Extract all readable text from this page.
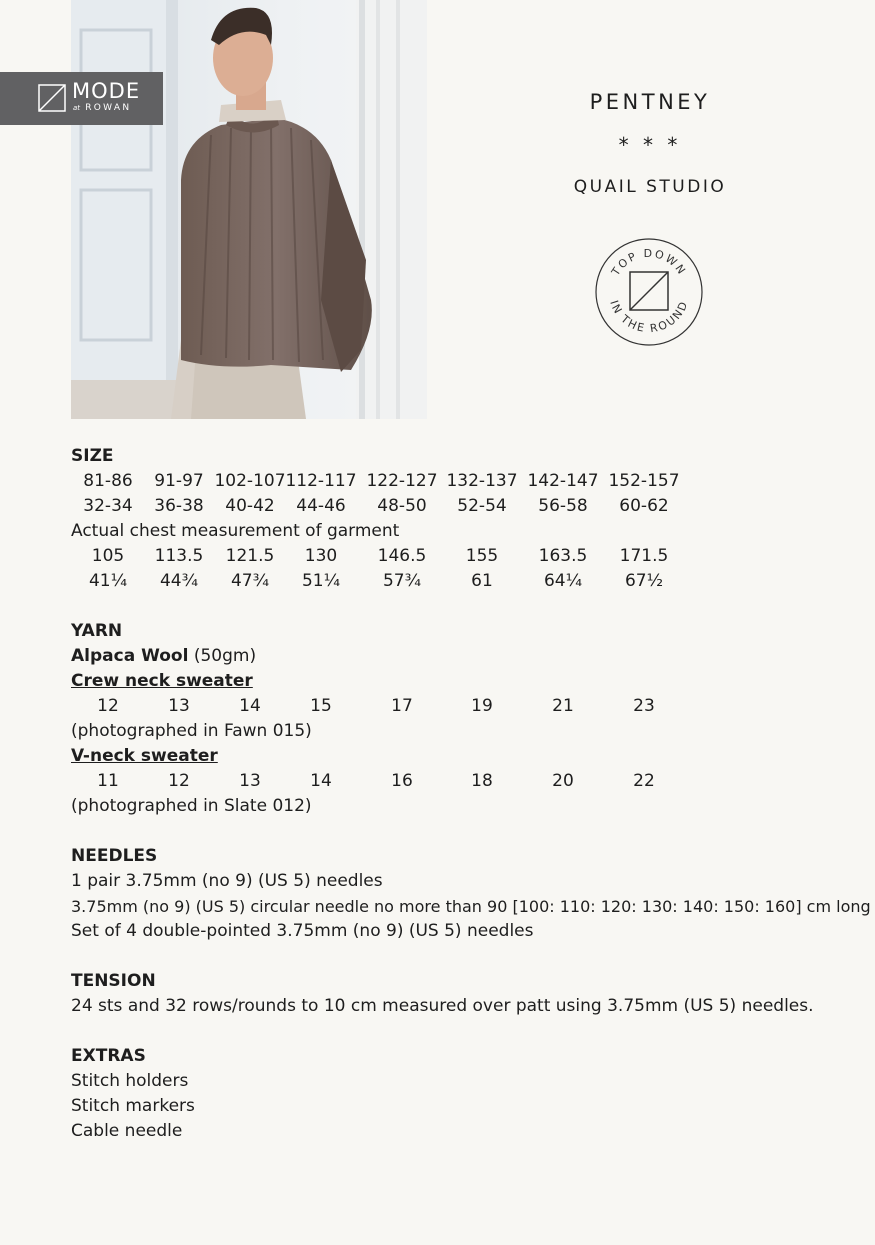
MODE
at ROWAN	PENTNEY
* * *
QUAIL STUDIO
TOP DOWN
IN THE ROUND
SIZE
81-86 91-97 102-107 112-117 122-127 132-137 142-147 152-157
32-34 36-38 40-42 44-46 48-50 52-54 56-58 60-62
Actual chest measurement of garment
105 113.5 121.5 130 146.5 155 163.5 171.5
41¼ 44¾ 47¾ 51¼	57¾	61	64¼	67½
YARN
Alpaca Wool (50gm)
Crew neck sweater
12	13	14	15	17	19	21	23
(photographed in Fawn 015)
V-neck sweater
11	12	13	14	16	18	20	22
(photographed in Slate 012)
NEEDLES
1 pair 3.75mm (no 9) (US 5) needles
3.75mm (no 9) (US 5) circular needle no more than 90 [100: 110: 120: 130: 140: 150: 160] cm long
Set of 4 double-pointed 3.75mm (no 9) (US 5) needles
TENSION
24 sts and 32 rows/rounds to 10 cm measured over patt using 3.75mm (US 5) needles.
EXTRAS
Stitch holders
Stitch markers
Cable needle
